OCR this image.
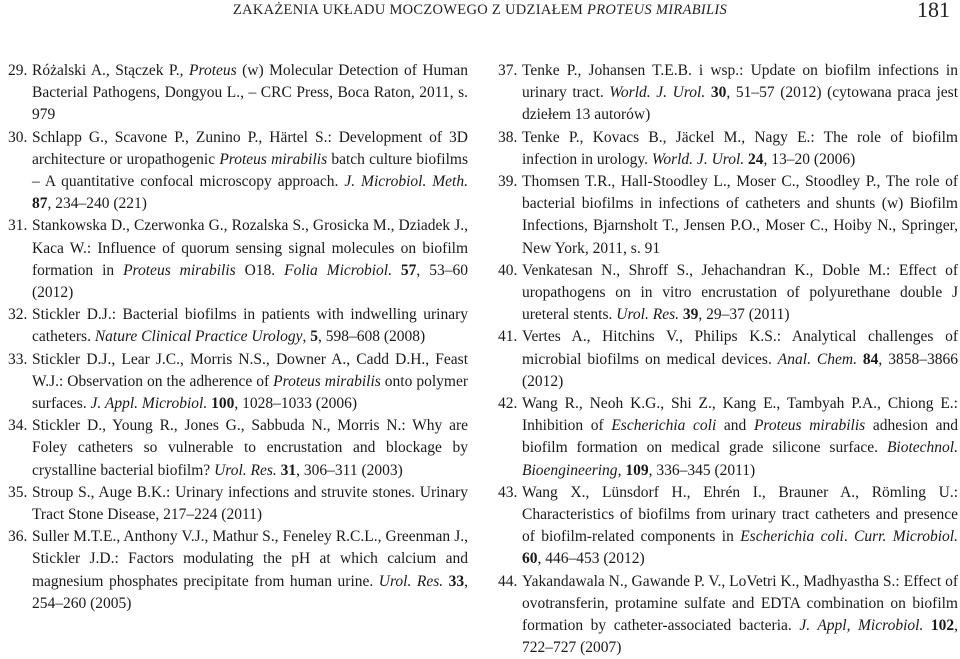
ZAKAŻENIA UKŁADU MOCZOWEGO Z UDZIAŁEM PROTEUS MIRABILIS	181
29. Różalski A., Stączek P., Proteus (w) Molecular Detection of Human Bacterial Pathogens, Dongyou L., – CRC Press, Boca Raton, 2011, s. 979
30. Schlapp G., Scavone P., Zunino P., Härtel S.: Development of 3D architecture or uropathogenic Proteus mirabilis batch culture biofilms – A quantitative confocal microscopy approach. J. Microbiol. Meth. 87, 234–240 (221)
31. Stankowska D., Czerwonka G., Rozalska S., Grosicka M., Dziadek J., Kaca W.: Influence of quorum sensing signal molecules on biofilm formation in Proteus mirabilis O18. Folia Microbiol. 57, 53–60 (2012)
32. Stickler D.J.: Bacterial biofilms in patients with indwelling urinary catheters. Nature Clinical Practice Urology, 5, 598–608 (2008)
33. Stickler D.J., Lear J.C., Morris N.S., Downer A., Cadd D.H., Feast W.J.: Observation on the adherence of Proteus mirabilis onto polymer surfaces. J. Appl. Microbiol. 100, 1028–1033 (2006)
34. Stickler D., Young R., Jones G., Sabbuda N., Morris N.: Why are Foley catheters so vulnerable to encrustation and blockage by crystalline bacterial biofilm? Urol. Res. 31, 306–311 (2003)
35. Stroup S., Auge B.K.: Urinary infections and struvite stones. Urinary Tract Stone Disease, 217–224 (2011)
36. Suller M.T.E., Anthony V.J., Mathur S., Feneley R.C.L., Greenman J., Stickler J.D.: Factors modulating the pH at which calcium and magnesium phosphates precipitate from human urine. Urol. Res. 33, 254–260 (2005)
37. Tenke P., Johansen T.E.B. i wsp.: Update on biofilm infections in urinary tract. World. J. Urol. 30, 51–57 (2012) (cytowana praca jest dziełem 13 autorów)
38. Tenke P., Kovacs B., Jäckel M., Nagy E.: The role of biofilm infection in urology. World. J. Urol. 24, 13–20 (2006)
39. Thomsen T.R., Hall-Stoodley L., Moser C., Stoodley P., The role of bacterial biofilms in infections of catheters and shunts (w) Biofilm Infections, Bjarnsholt T., Jensen P.O., Moser C., Hoiby N., Springer, New York, 2011, s. 91
40. Venkatesan N., Shroff S., Jehachandran K., Doble M.: Effect of uropathogens on in vitro encrustation of polyurethane double J ureteral stents. Urol. Res. 39, 29–37 (2011)
41. Vertes A., Hitchins V., Philips K.S.: Analytical challenges of microbial biofilms on medical devices. Anal. Chem. 84, 3858–3866 (2012)
42. Wang R., Neoh K.G., Shi Z., Kang E., Tambyah P.A., Chiong E.: Inhibition of Escherichia coli and Proteus mirabilis adhesion and biofilm formation on medical grade silicone surface. Biotechnol. Bioengineering, 109, 336–345 (2011)
43. Wang X., Lünsdorf H., Ehrén I., Brauner A., Römling U.: Characteristics of biofilms from urinary tract catheters and presence of biofilm-related components in Escherichia coli. Curr. Microbiol. 60, 446–453 (2012)
44. Yakandawala N., Gawande P. V., LoVetri K., Madhyastha S.: Effect of ovotransferin, protamine sulfate and EDTA combination on biofilm formation by catheter-associated bacteria. J. Appl, Microbiol. 102, 722–727 (2007)
